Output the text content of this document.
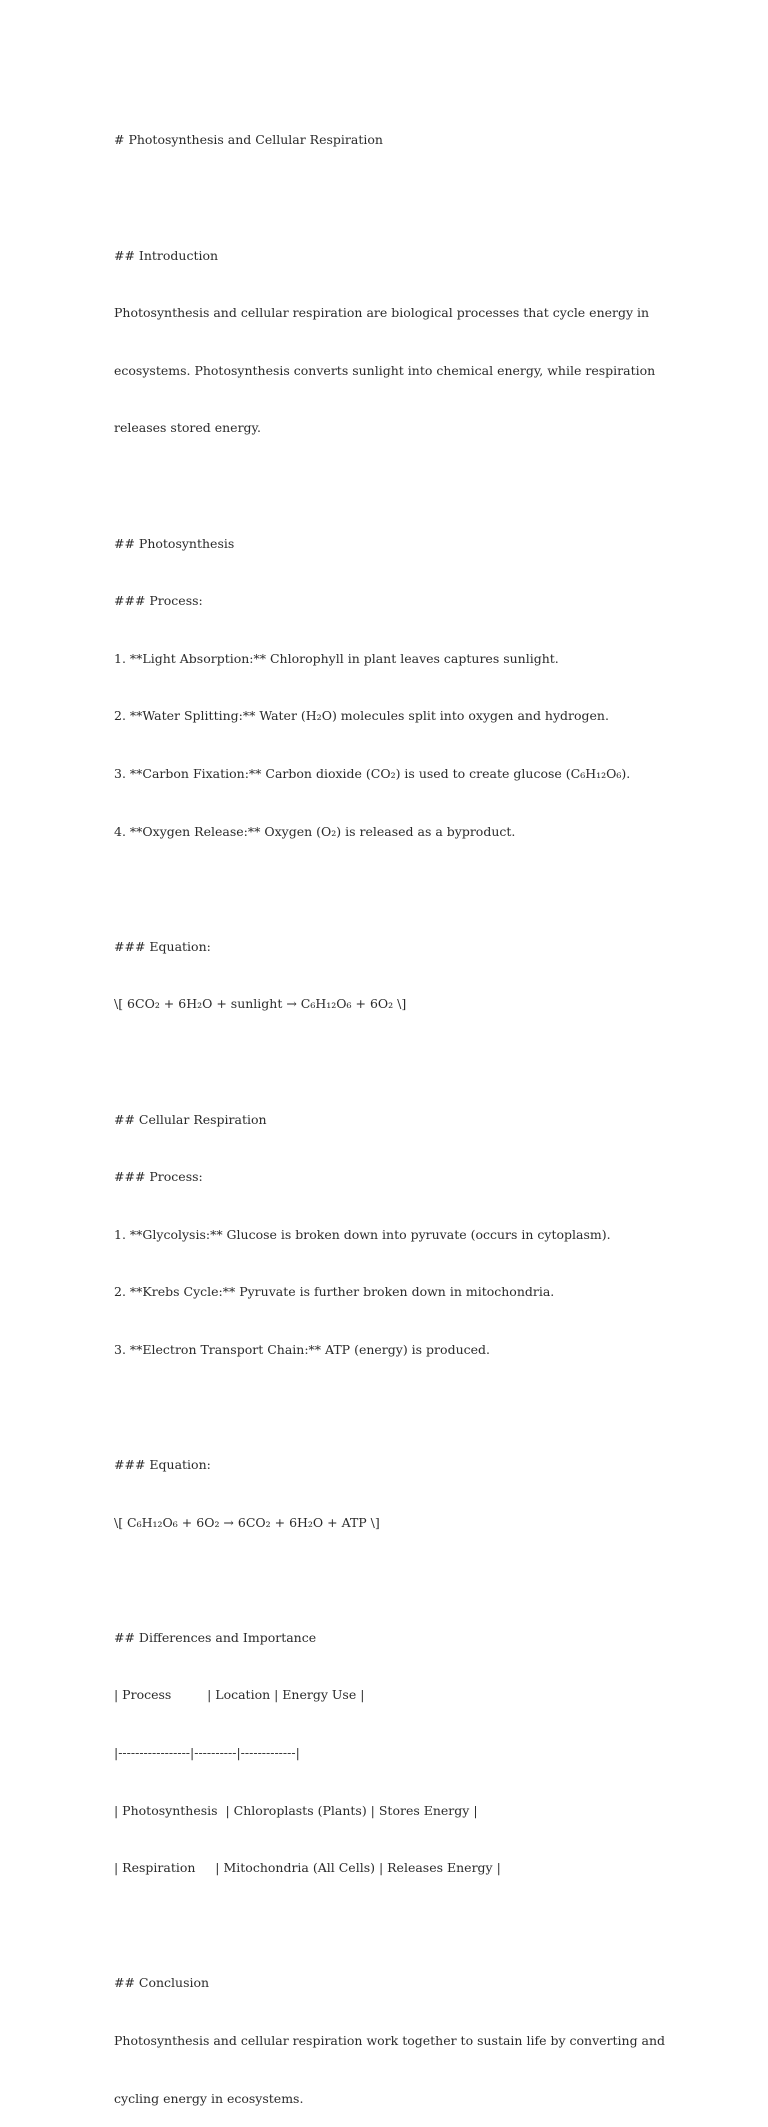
# Photosynthesis and Cellular Respiration

## Introduction

Photosynthesis and cellular respiration are biological processes that cycle energy in

ecosystems. Photosynthesis converts sunlight into chemical energy, while respiration

releases stored energy.

## Photosynthesis

### Process:

1. **Light Absorption:** Chlorophyll in plant leaves captures sunlight.

2. **Water Splitting:** Water (H₂O) molecules split into oxygen and hydrogen.

3. **Carbon Fixation:** Carbon dioxide (CO₂) is used to create glucose (C₆H₁₂O₆).

4. **Oxygen Release:** Oxygen (O₂) is released as a byproduct.

### Equation:

\[ 6CO₂ + 6H₂O + sunlight → C₆H₁₂O₆ + 6O₂ \]

## Cellular Respiration

### Process:

1. **Glycolysis:** Glucose is broken down into pyruvate (occurs in cytoplasm).

2. **Krebs Cycle:** Pyruvate is further broken down in mitochondria.

3. **Electron Transport Chain:** ATP (energy) is produced.

### Equation:

\[ C₆H₁₂O₆ + 6O₂ → 6CO₂ + 6H₂O + ATP \]

## Differences and Importance

| Process         | Location | Energy Use |

|-----------------|----------|-------------|

| Photosynthesis  | Chloroplasts (Plants) | Stores Energy |

| Respiration     | Mitochondria (All Cells) | Releases Energy |

## Conclusion

Photosynthesis and cellular respiration work together to sustain life by converting and

cycling energy in ecosystems.
